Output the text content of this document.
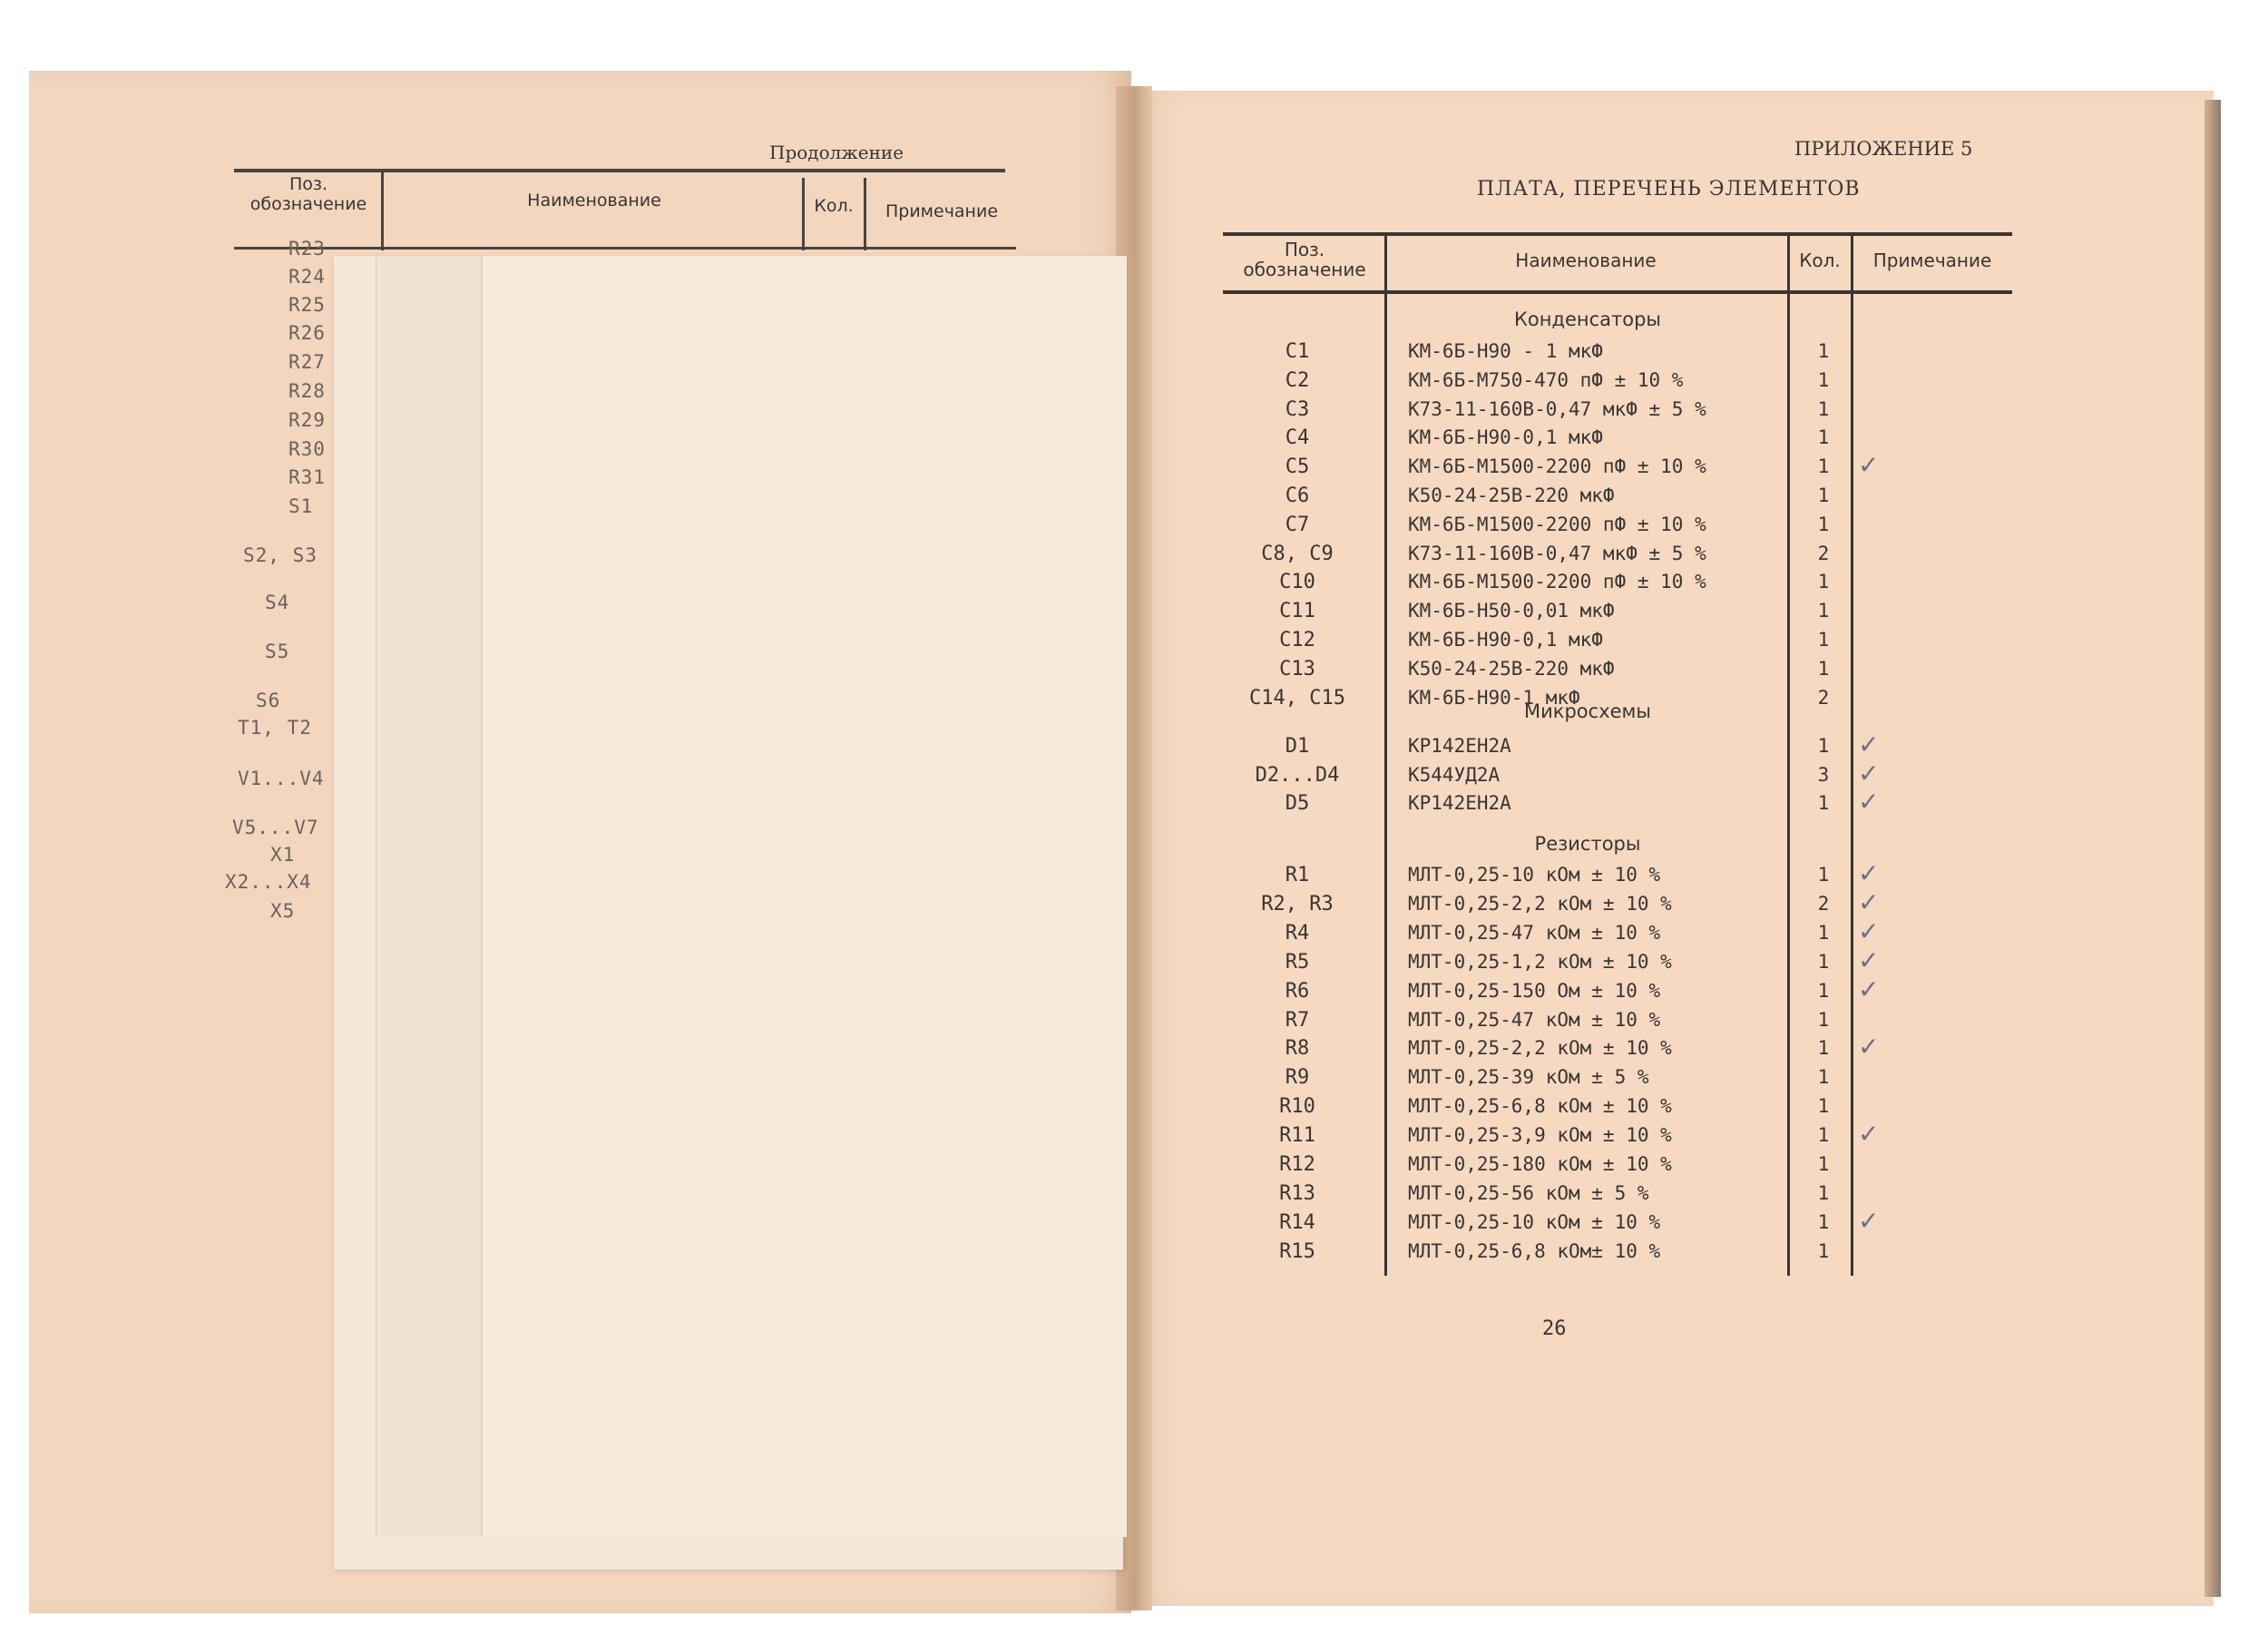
Продолжение
Поз. обозначение	Наименование	Кол.	Примечание
R23
R24
R25
R26
R27
R28
R29
R30
R31
S1
S2, S3
S4
S5
S6
T1, T2
V1...V4
V5...V7
X1
X2...X4
X5
ПРИЛОЖЕНИЕ 5
ПЛАТА, ПЕРЕЧЕНЬ ЭЛЕМЕНТОВ
Поз. обозначение	Наименование	Кол.	Примечание
Конденсаторы
C1	КМ-6Б-Н90 - 1 мкФ	1
C2	КМ-6Б-М750-470 пФ ± 10 %	1
C3	К73-11-160В-0,47 мкФ ± 5 %	1
C4	КМ-6Б-Н90-0,1 мкФ	1
C5	КМ-6Б-М1500-2200 пФ ± 10 %	1	✓
C6	К50-24-25В-220 мкФ	1
C7	КМ-6Б-М1500-2200 пФ ± 10 %	1
C8, C9	К73-11-160В-0,47 мкФ ± 5 %	2
C10	КМ-6Б-М1500-2200 пФ ± 10 %	1
C11	КМ-6Б-Н50-0,01 мкФ	1
C12	КМ-6Б-Н90-0,1 мкФ	1
C13	К50-24-25В-220 мкФ	1
C14, C15	КМ-6Б-Н90-1 мкФ	2
Микросхемы
D1	КР142ЕН2А	1	✓
D2...D4	К544УД2А	3	✓
D5	КР142ЕН2А	1	✓
Резисторы
R1	МЛТ-0,25-10 кОм ± 10 %	1	✓
R2, R3	МЛТ-0,25-2,2 кОм ± 10 %	2	✓
R4	МЛТ-0,25-47 кОм ± 10 %	1	✓
R5	МЛТ-0,25-1,2 кОм ± 10 %	1	✓
R6	МЛТ-0,25-150 Ом ± 10 %	1	✓
R7	МЛТ-0,25-47 кОм ± 10 %	1
R8	МЛТ-0,25-2,2 кОм ± 10 %	1	✓
R9	МЛТ-0,25-39 кОм ± 5 %	1
R10	МЛТ-0,25-6,8 кОм ± 10 %	1
R11	МЛТ-0,25-3,9 кОм ± 10 %	1	✓
R12	МЛТ-0,25-180 кОм ± 10 %	1
R13	МЛТ-0,25-56 кОм ± 5 %	1
R14	МЛТ-0,25-10 кОм ± 10 %	1	✓
R15	МЛТ-0,25-6,8 кОм± 10 %	1
26
